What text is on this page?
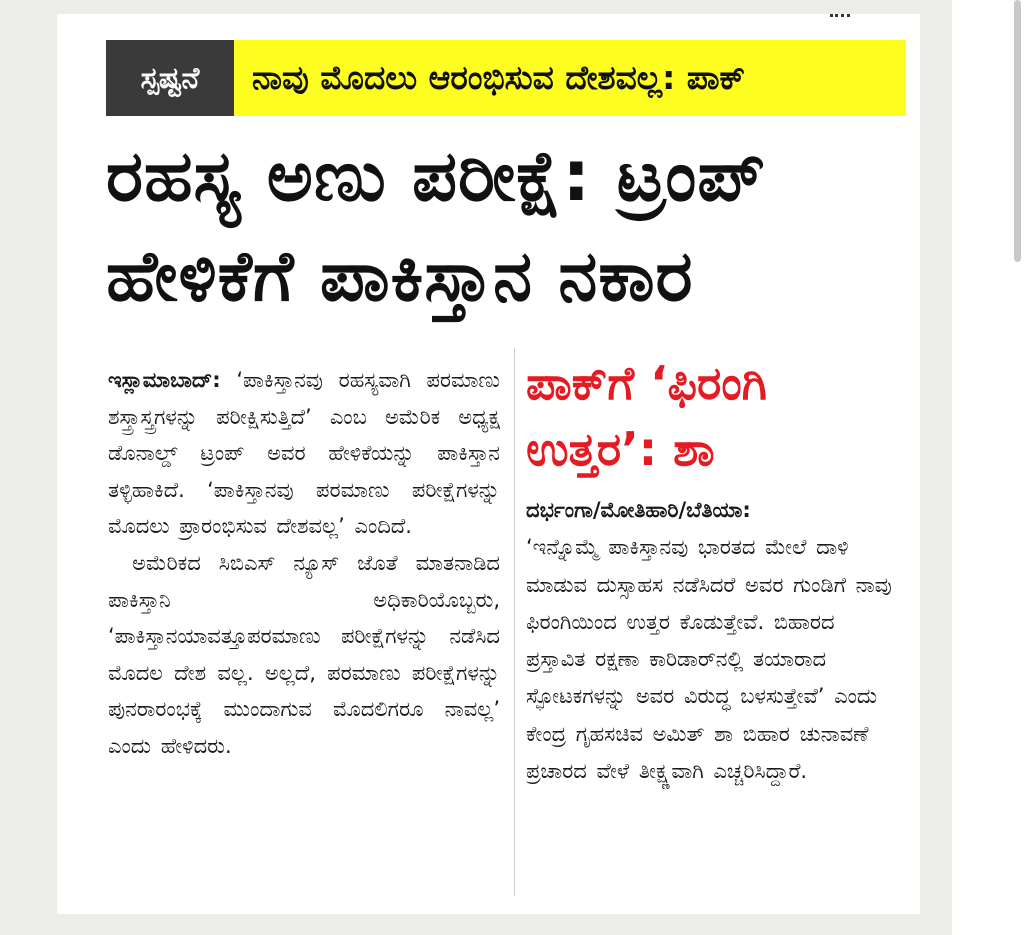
ಸ್ಪಷ್ಟನೆ	ನಾವು ಮೊದಲು ಆರಂಭಿಸುವ ದೇಶವಲ್ಲ: ಪಾಕ್
ರಹಸ್ಯ ಅಣು ಪರೀಕ್ಷೆ: ಟ್ರಂಪ್
ಹೇಳಿಕೆಗೆ ಪಾಕಿಸ್ತಾನ ನಕಾರ

ಇಸ್ಲಾಮಾಬಾದ್: ‘ಪಾಕಿಸ್ತಾನವು ರಹಸ್ಯವಾಗಿ ಪರಮಾಣು ಶಸ್ತ್ರಾಸ್ತ್ರಗಳನ್ನು ಪರೀಕ್ಷಿಸುತ್ತಿದೆ’ ಎಂಬ ಅಮೆರಿಕ ಅಧ್ಯಕ್ಷ ಡೊನಾಲ್ಡ್ ಟ್ರಂಪ್ ಅವರ ಹೇಳಿಕೆಯನ್ನು ಪಾಕಿಸ್ತಾನ ತಳ್ಳಿಹಾಕಿದೆ. ‘ಪಾಕಿಸ್ತಾನವು ಪರಮಾಣು ಪರೀಕ್ಷೆಗಳನ್ನು ಮೊದಲು ಪ್ರಾರಂಭಿಸುವ ದೇಶವಲ್ಲ’ ಎಂದಿದೆ.

ಅಮೆರಿಕದ ಸಿಬಿಎಸ್ ನ್ಯೂಸ್ ಜೊತೆ ಮಾತನಾಡಿದ ಪಾಕಿಸ್ತಾನಿ ಅಧಿಕಾರಿಯೊಬ್ಬರು, ‘ಪಾಕಿಸ್ತಾನಯಾವತ್ತೂಪರಮಾಣು ಪರೀಕ್ಷೆಗಳನ್ನು ನಡೆಸಿದ ಮೊದಲ ದೇಶ ವಲ್ಲ. ಅಲ್ಲದೆ, ಪರಮಾಣು ಪರೀಕ್ಷೆಗಳನ್ನು ಪುನರಾರಂಭಕ್ಕೆ ಮುಂದಾಗುವ ಮೊದಲಿಗರೂ ನಾವಲ್ಲ’ ಎಂದು ಹೇಳಿದರು.

ಪಾಕ್‌ಗೆ ‘ಫಿರಂಗಿ

ಉತ್ತರ’: ಶಾ

ದರ್ಭಂಗಾ/ಮೋತಿಹಾರಿ/ಬೆತಿಯಾ:

‘ಇನ್ನೊಮ್ಮೆ ಪಾಕಿಸ್ತಾನವು ಭಾರತದ ಮೇಲೆ ದಾಳಿ ಮಾಡುವ ದುಸ್ಸಾಹಸ ನಡೆಸಿದರೆ ಅವರ ಗುಂಡಿಗೆ ನಾವು ಫಿರಂಗಿಯಿಂದ ಉತ್ತರ ಕೊಡುತ್ತೇವೆ. ಬಿಹಾರದ ಪ್ರಸ್ತಾವಿತ ರಕ್ಷಣಾ ಕಾರಿಡಾರ್‌ನಲ್ಲಿ ತಯಾರಾದ ಸ್ಫೋಟಕಗಳನ್ನು ಅವರ ವಿರುದ್ಧ ಬಳಸುತ್ತೇವೆ’ ಎಂದು ಕೇಂದ್ರ ಗೃಹಸಚಿವ ಅಮಿತ್ ಶಾ ಬಿಹಾರ ಚುನಾವಣೆ ಪ್ರಚಾರದ ವೇಳೆ ತೀಕ್ಷ್ಣವಾಗಿ ಎಚ್ಚರಿಸಿದ್ದಾರೆ.
